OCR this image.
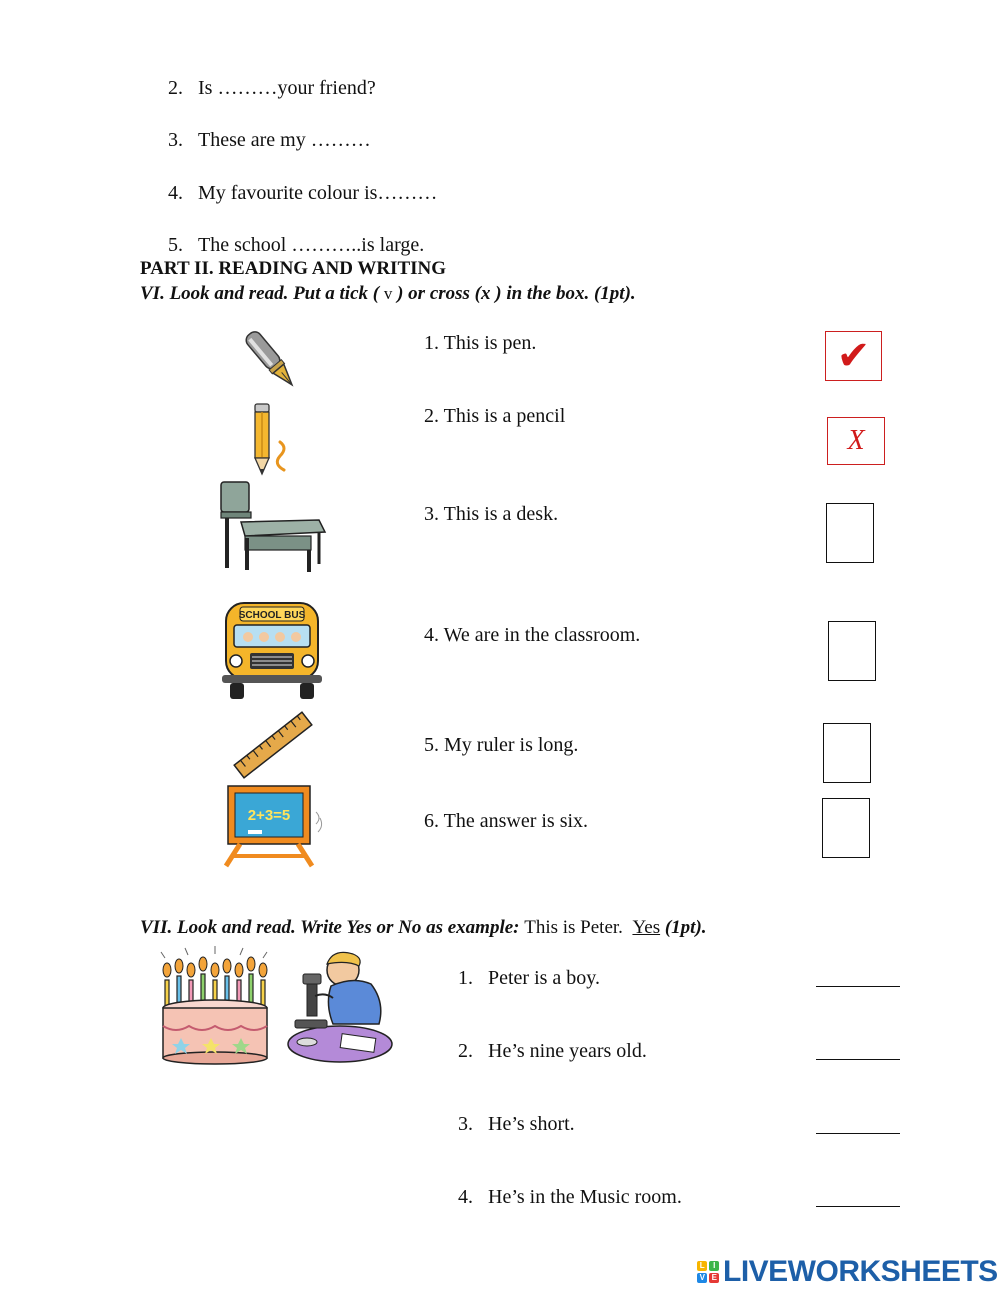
2. Is ………your friend?
3. These are my ………
4. My favourite colour is………
5. The school ………..is large.
PART II. READING AND WRITING
VI. Look and read. Put a tick ( v ) or cross (x ) in the box. (1pt).
SCHOOL BUS
2+3=5
1. This is pen.
2. This is a pencil
3. This is a desk.
4. We are in the classroom.
5. My ruler is long.
6. The answer is six.
✔
X
VII. Look and read. Write Yes or No as example: This is Peter. Yes (1pt).
1. Peter is a boy.
2. He’s nine years old.
3. He’s short.
4. He’s in the Music room.
L	I
V E LIVEWORKSHEETS
